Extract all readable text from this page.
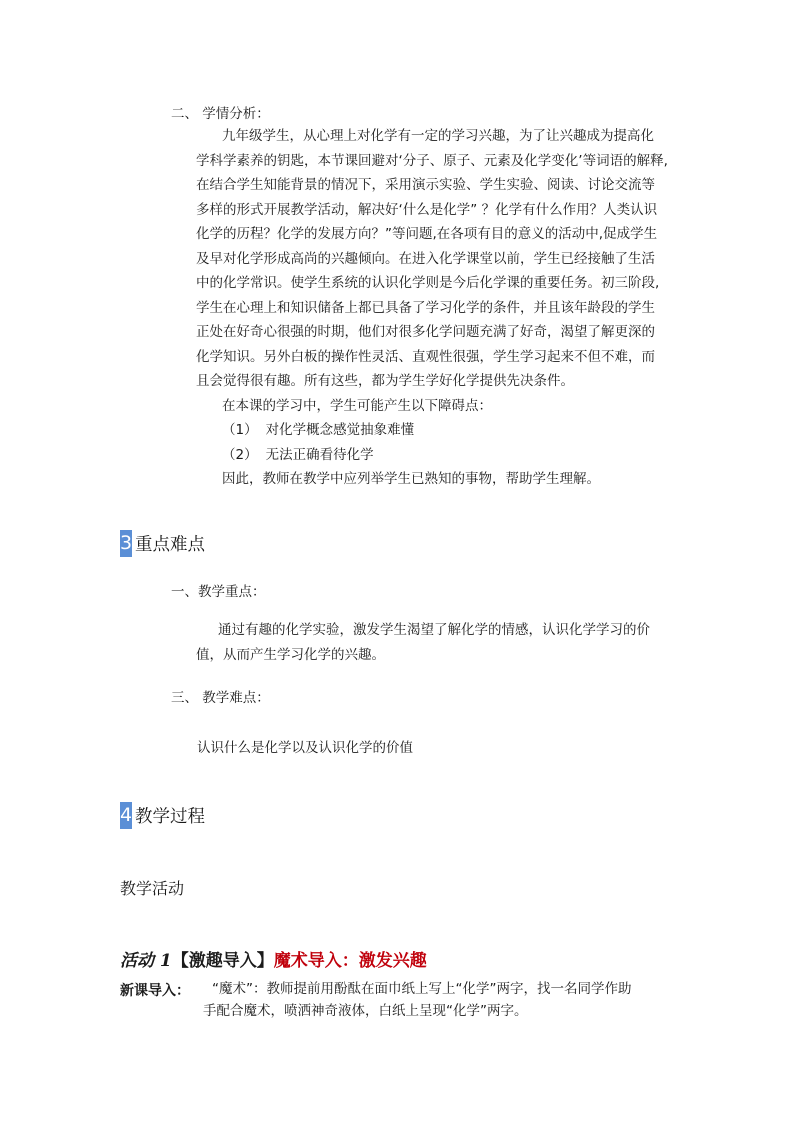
二、 学情分析：
九年级学生，从心理上对化学有一定的学习兴趣，为了让兴趣成为提高化
学科学素养的钥匙，本节课回避对‘分子、原子、元素及化学变化’等词语的解释,
在结合学生知能背景的情况下，采用演示实验、学生实验、阅读、讨论交流等
多样的形式开展教学活动，解决好‘什么是化学” ？化学有什么作用？人类认识
化学的历程？化学的发展方向？”等问题,在各项有目的意义的活动中,促成学生
及早对化学形成高尚的兴趣倾向。在进入化学课堂以前，学生已经接触了生活
中的化学常识。使学生系统的认识化学则是今后化学课的重要任务。初三阶段,
学生在心理上和知识储备上都已具备了学习化学的条件，并且该年龄段的学生
正处在好奇心很强的时期，他们对很多化学问题充满了好奇，渴望了解更深的
化学知识。另外白板的操作性灵活、直观性很强，学生学习起来不但不难，而
且会觉得很有趣。所有这些，都为学生学好化学提供先决条件。
在本课的学习中，学生可能产生以下障碍点：
（1） 对化学概念感觉抽象难懂
（2） 无法正确看待化学
因此，教师在教学中应列举学生已熟知的事物，帮助学生理解。
3 重点难点
一、教学重点：
通过有趣的化学实验，激发学生渴望了解化学的情感，认识化学学习的价
值，从而产生学习化学的兴趣。
三、 教学难点：
认识什么是化学以及认识化学的价值
4 教学过程
教学活动
活动 1【激趣导入】魔术导入：激发兴趣
新课导入： “魔术”：教师提前用酚酞在面巾纸上写上“化学”两字，找一名同学作助
手配合魔术，喷洒神奇液体，白纸上呈现“化学”两字。
